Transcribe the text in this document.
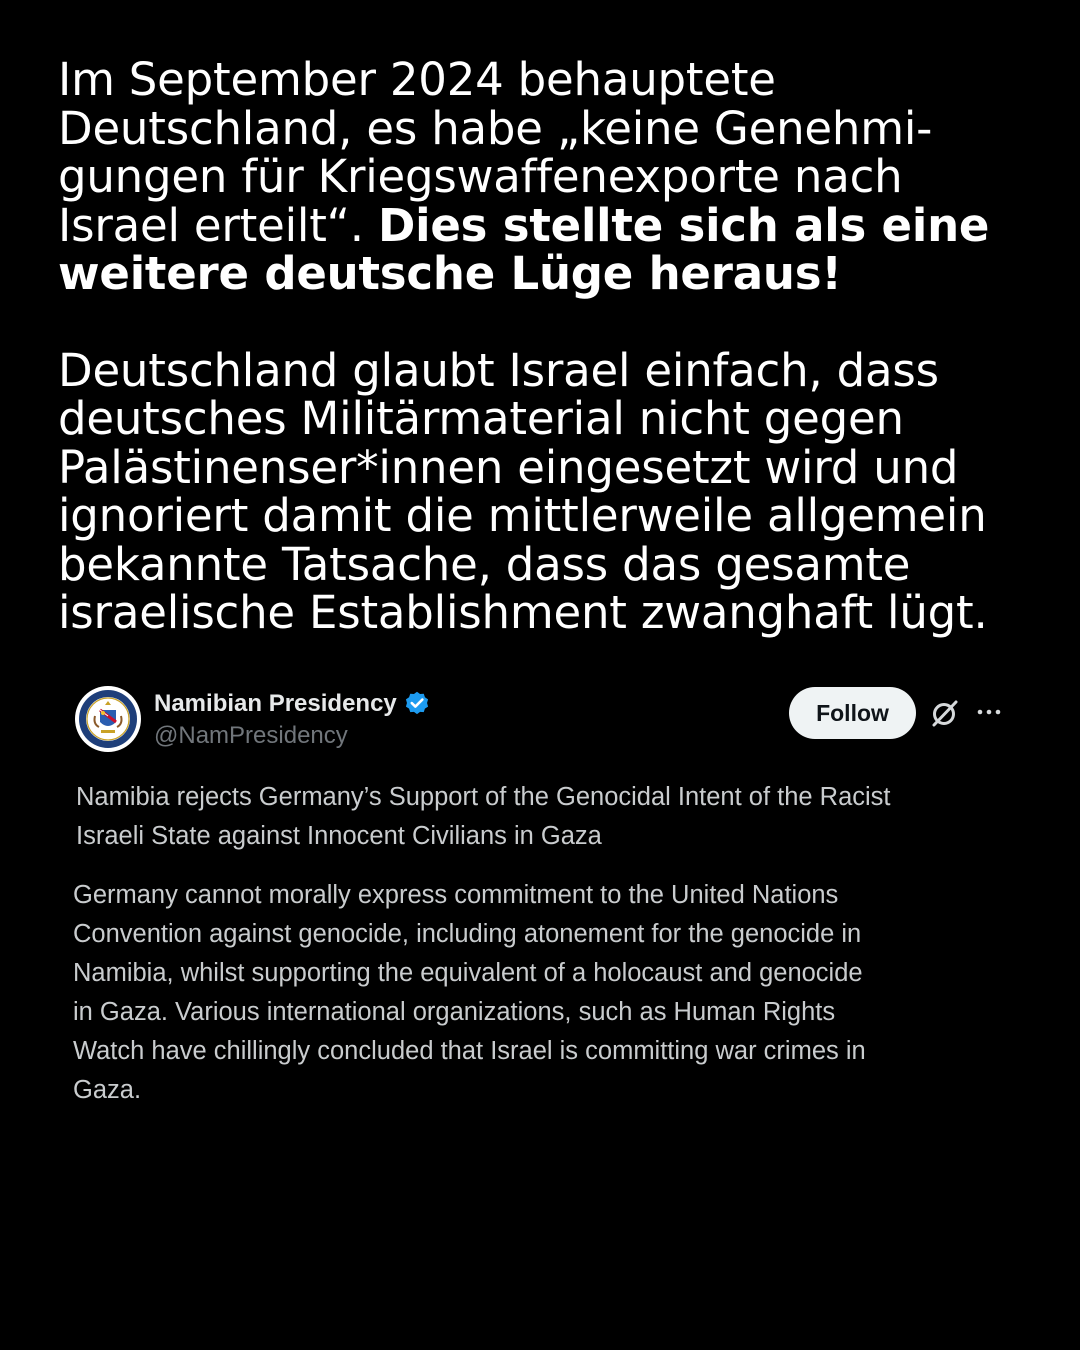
Im September 2024 behauptete
Deutschland, es habe „keine Genehmi-
gungen für Kriegswaffenexporte nach
Israel erteilt“. Dies stellte sich als eine
weitere deutsche Lüge heraus!

Deutschland glaubt Israel einfach, dass
deutsches Militärmaterial nicht gegen
Palästinenser*innen eingesetzt wird und
ignoriert damit die mittlerweile allgemein
bekannte Tatsache, dass das gesamte
israelische Establishment zwanghaft lügt.

Namibian Presidency
@NamPresidency
Follow
Namibia rejects Germany’s Support of the Genocidal Intent of the Racist
Israeli State against Innocent Civilians in Gaza
Germany cannot morally express commitment to the United Nations
Convention against genocide, including atonement for the genocide in
Namibia, whilst supporting the equivalent of a holocaust and genocide
in Gaza. Various international organizations, such as Human Rights
Watch have chillingly concluded that Israel is committing war crimes in
Gaza.
